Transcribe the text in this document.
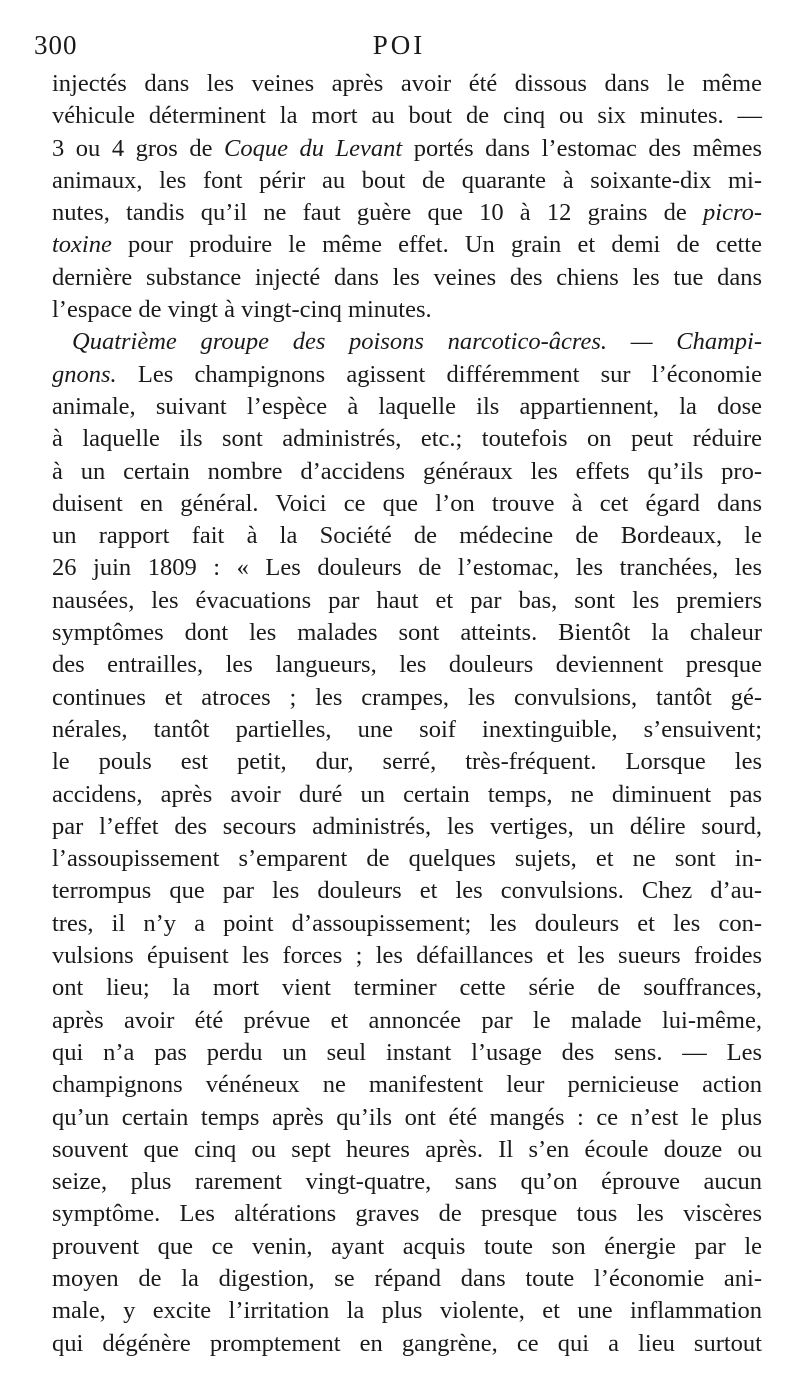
300	POI
injectés dans les veines après avoir été dissous dans le même
véhicule déterminent la mort au bout de cinq ou six minutes. —
3 ou 4 gros de Coque du Levant portés dans l’estomac des mêmes
animaux, les font périr au bout de quarante à soixante-dix mi-
nutes, tandis qu’il ne faut guère que 10 à 12 grains de picro-
toxine pour produire le même effet. Un grain et demi de cette
dernière substance injecté dans les veines des chiens les tue dans
l’espace de vingt à vingt-cinq minutes.
Quatrième groupe des poisons narcotico-âcres. — Champi-
gnons. Les champignons agissent différemment sur l’économie
animale, suivant l’espèce à laquelle ils appartiennent, la dose
à laquelle ils sont administrés, etc.; toutefois on peut réduire
à un certain nombre d’accidens généraux les effets qu’ils pro-
duisent en général. Voici ce que l’on trouve à cet égard dans
un rapport fait à la Société de médecine de Bordeaux, le
26 juin 1809 : « Les douleurs de l’estomac, les tranchées, les
nausées, les évacuations par haut et par bas, sont les premiers
symptômes dont les malades sont atteints. Bientôt la chaleur
des entrailles, les langueurs, les douleurs deviennent presque
continues et atroces ; les crampes, les convulsions, tantôt gé-
nérales, tantôt partielles, une soif inextinguible, s’ensuivent;
le pouls est petit, dur, serré, très-fréquent. Lorsque les
accidens, après avoir duré un certain temps, ne diminuent pas
par l’effet des secours administrés, les vertiges, un délire sourd,
l’assoupissement s’emparent de quelques sujets, et ne sont in-
terrompus que par les douleurs et les convulsions. Chez d’au-
tres, il n’y a point d’assoupissement; les douleurs et les con-
vulsions épuisent les forces ; les défaillances et les sueurs froides
ont lieu; la mort vient terminer cette série de souffrances,
après avoir été prévue et annoncée par le malade lui-même,
qui n’a pas perdu un seul instant l’usage des sens. — Les
champignons vénéneux ne manifestent leur pernicieuse action
qu’un certain temps après qu’ils ont été mangés : ce n’est le plus
souvent que cinq ou sept heures après. Il s’en écoule douze ou
seize, plus rarement vingt-quatre, sans qu’on éprouve aucun
symptôme. Les altérations graves de presque tous les viscères
prouvent que ce venin, ayant acquis toute son énergie par le
moyen de la digestion, se répand dans toute l’économie ani-
male, y excite l’irritation la plus violente, et une inflammation
qui dégénère promptement en gangrène, ce qui a lieu surtout
